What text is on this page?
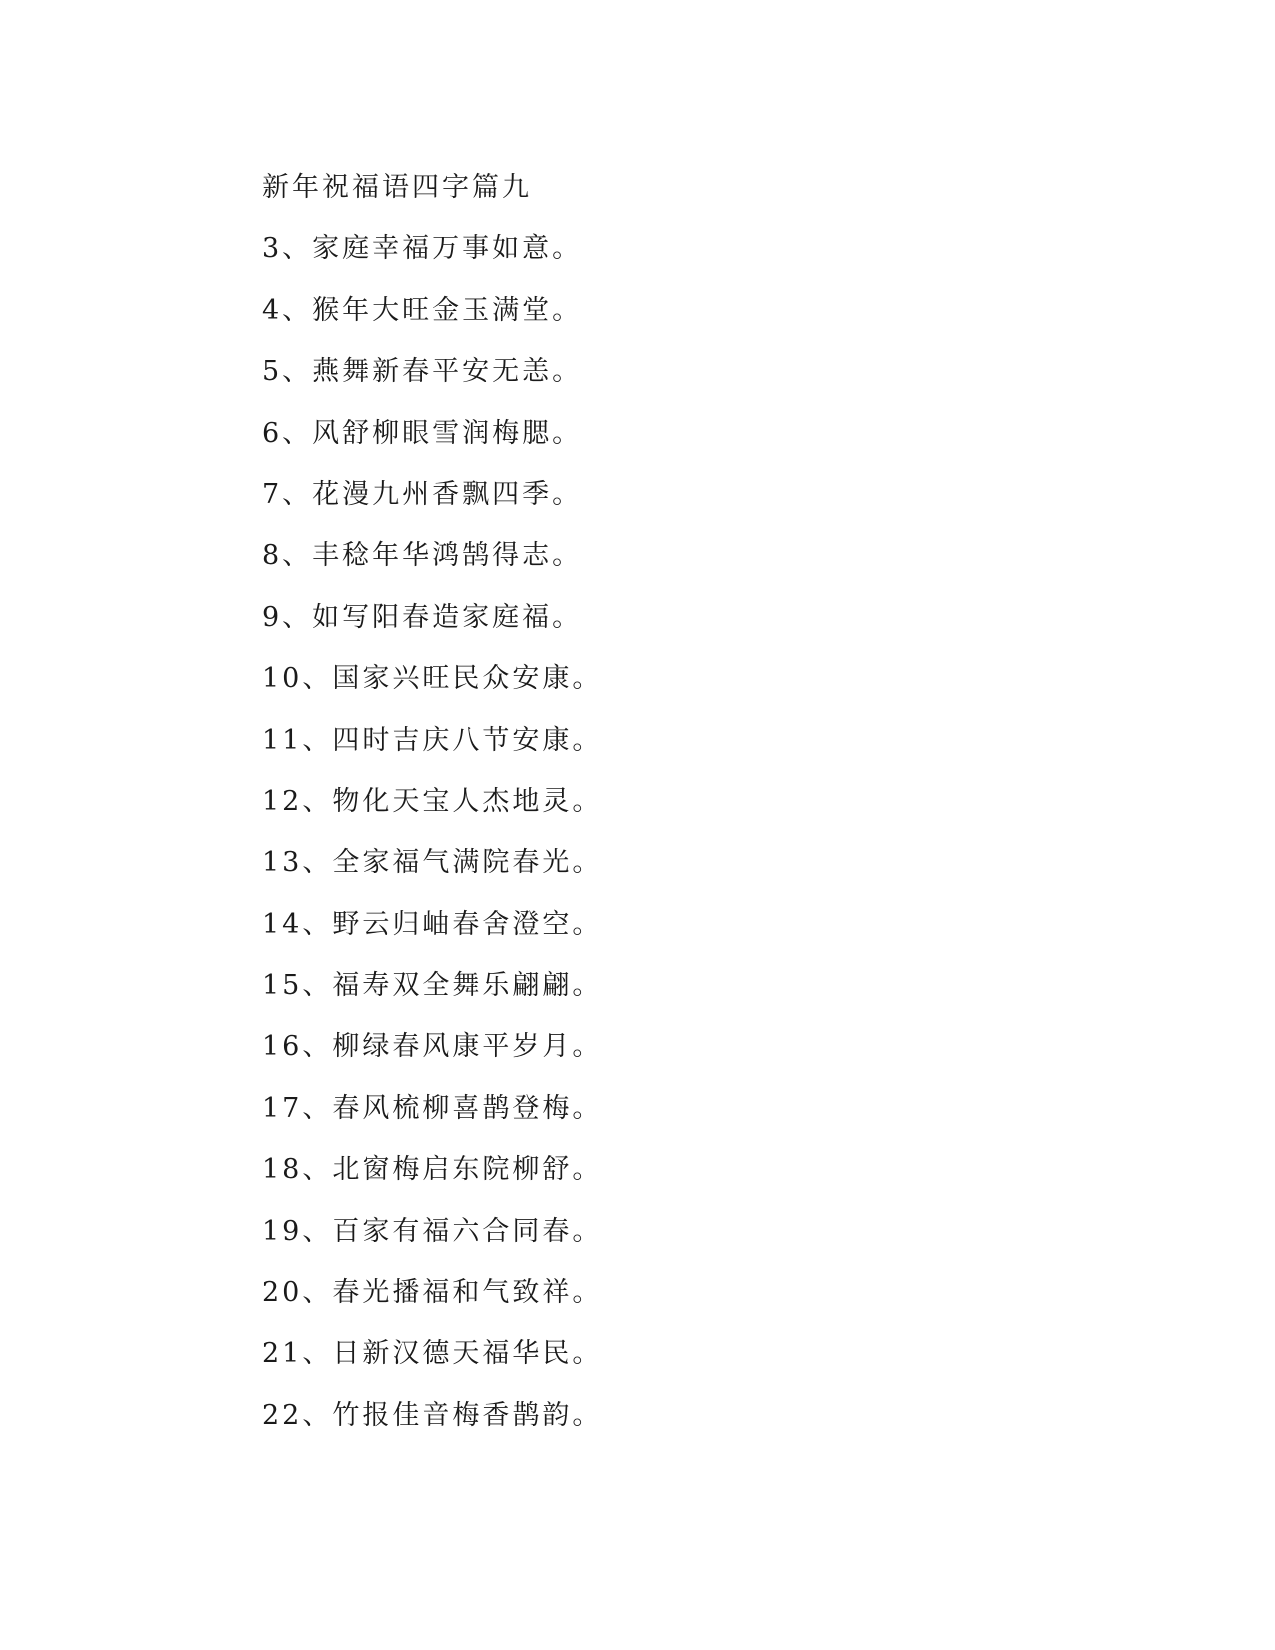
新年祝福语四字篇九
3、家庭幸福万事如意。
4、猴年大旺金玉满堂。
5、燕舞新春平安无恙。
6、风舒柳眼雪润梅腮。
7、花漫九州香飘四季。
8、丰稔年华鸿鹄得志。
9、如写阳春造家庭福。
10、国家兴旺民众安康。
11、四时吉庆八节安康。
12、物化天宝人杰地灵。
13、全家福气满院春光。
14、野云归岫春舍澄空。
15、福寿双全舞乐翩翩。
16、柳绿春风康平岁月。
17、春风梳柳喜鹊登梅。
18、北窗梅启东院柳舒。
19、百家有福六合同春。
20、春光播福和气致祥。
21、日新汉德天福华民。
22、竹报佳音梅香鹊韵。
